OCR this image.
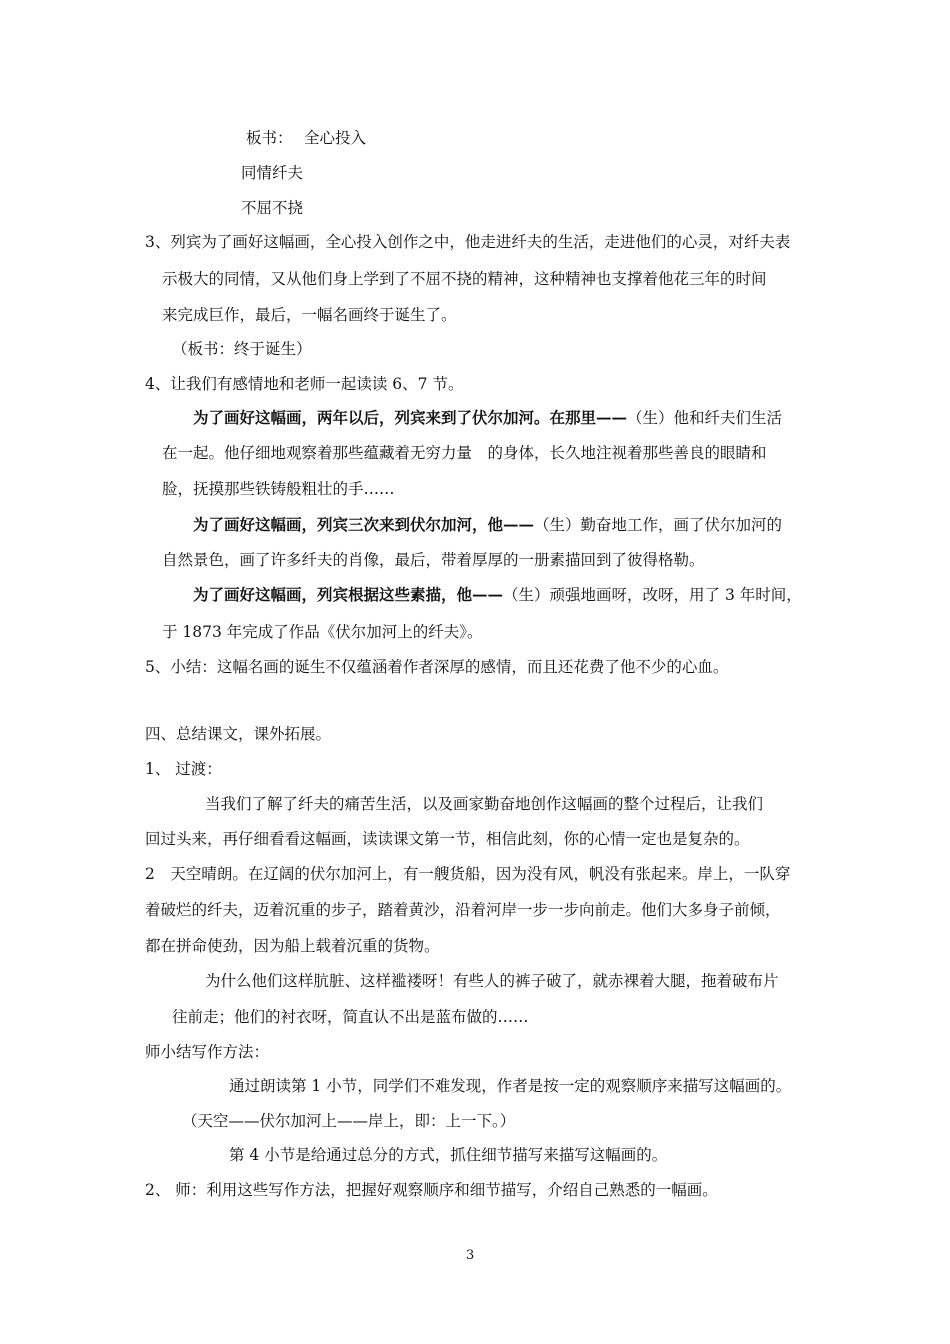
板书： 全心投入
同情纤夫
不屈不挠
3、列宾为了画好这幅画，全心投入创作之中，他走进纤夫的生活，走进他们的心灵，对纤夫表
示极大的同情，又从他们身上学到了不屈不挠的精神，这种精神也支撑着他花三年的时间
来完成巨作，最后，一幅名画终于诞生了。
（板书：终于诞生）
4、让我们有感情地和老师一起读读 6、7 节。
为了画好这幅画，两年以后，列宾来到了伏尔加河。在那里——（生）他和纤夫们生活
在一起。他仔细地观察着那些蕴藏着无穷力量　的身体，长久地注视着那些善良的眼睛和
脸，抚摸那些铁铸般粗壮的手……
为了画好这幅画，列宾三次来到伏尔加河，他——（生）勤奋地工作，画了伏尔加河的
自然景色，画了许多纤夫的肖像，最后，带着厚厚的一册素描回到了彼得格勒。
为了画好这幅画，列宾根据这些素描，他——（生）顽强地画呀，改呀，用了 3 年时间，
于 1873 年完成了作品《伏尔加河上的纤夫》。
5、小结：这幅名画的诞生不仅蕴涵着作者深厚的感情，而且还花费了他不少的心血。
四、总结课文，课外拓展。
1、 过渡：
当我们了解了纤夫的痛苦生活，以及画家勤奋地创作这幅画的整个过程后，让我们
回过头来，再仔细看看这幅画，读读课文第一节，相信此刻，你的心情一定也是复杂的。
2　天空晴朗。在辽阔的伏尔加河上，有一艘货船，因为没有风，帆没有张起来。岸上，一队穿
着破烂的纤夫，迈着沉重的步子，踏着黄沙，沿着河岸一步一步向前走。他们大多身子前倾，
都在拼命使劲，因为船上载着沉重的货物。
为什么他们这样肮脏、这样褴褛呀！有些人的裤子破了，就赤裸着大腿，拖着破布片
往前走；他们的衬衣呀，简直认不出是蓝布做的……
师小结写作方法：
通过朗读第 1 小节，同学们不难发现，作者是按一定的观察顺序来描写这幅画的。
（天空——伏尔加河上——岸上，即：上一下。）
第 4 小节是给通过总分的方式，抓住细节描写来描写这幅画的。
2、 师：利用这些写作方法，把握好观察顺序和细节描写，介绍自己熟悉的一幅画。
3
